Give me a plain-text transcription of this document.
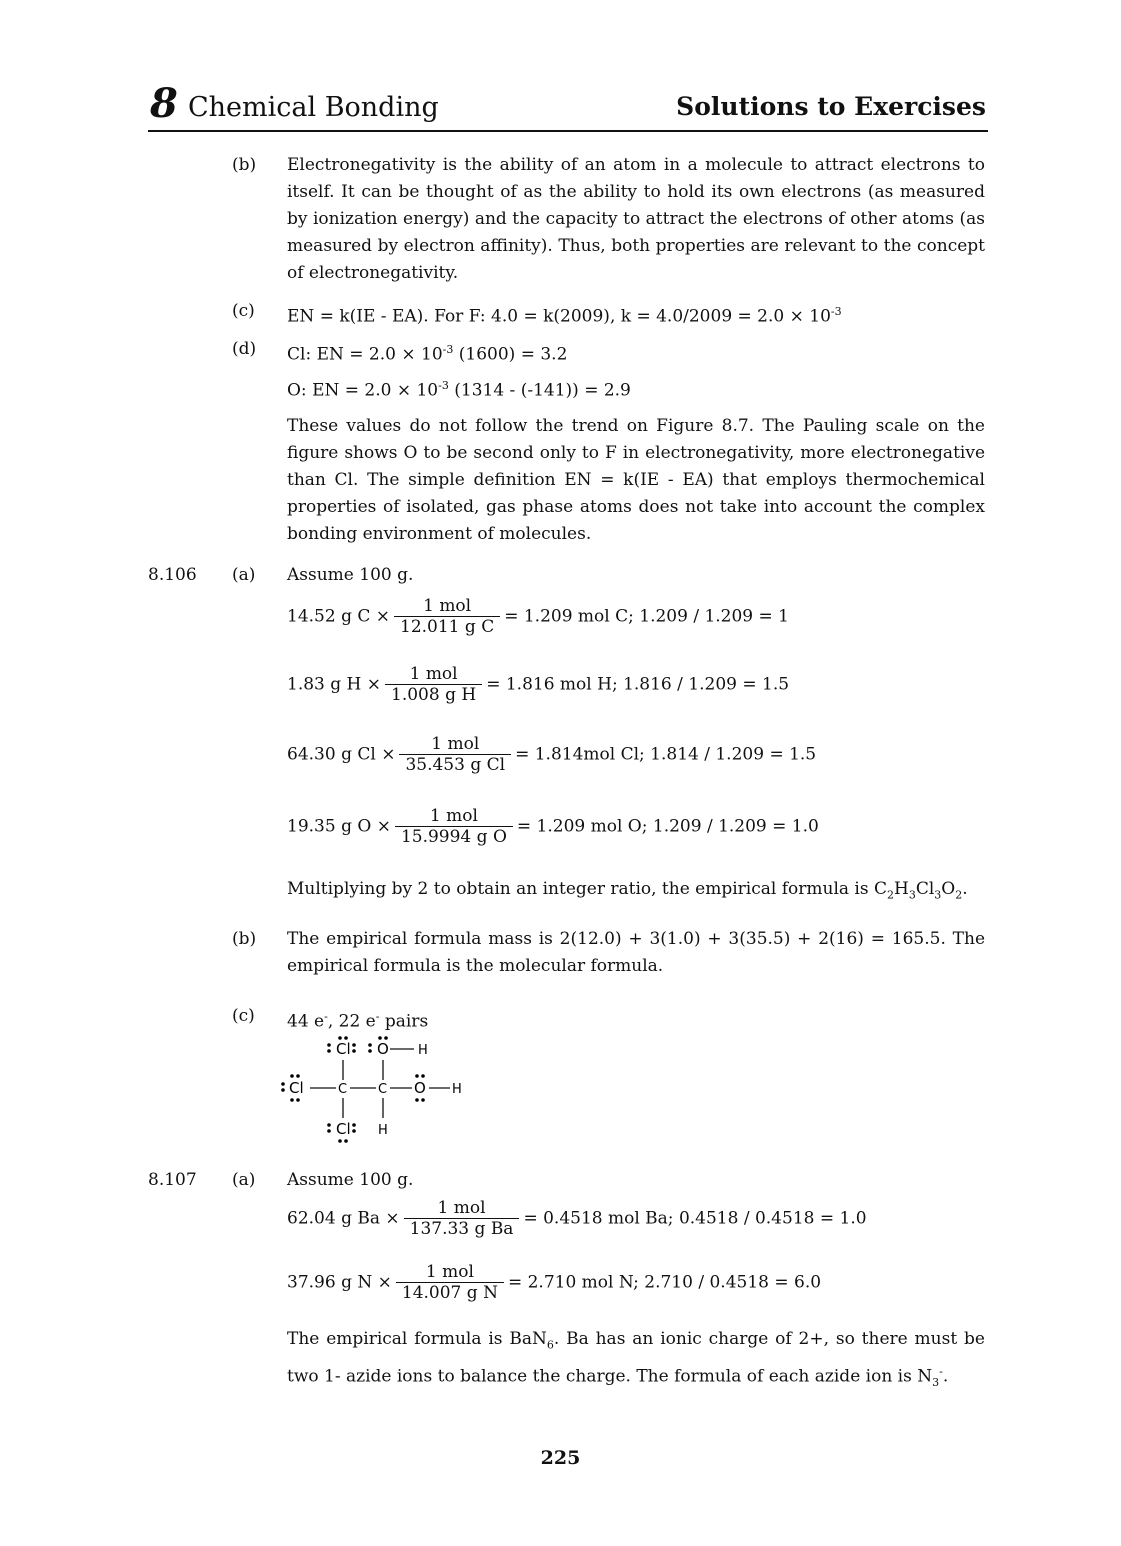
8 Chemical Bonding	Solutions to Exercises
(b) Electronegativity is the ability of an atom in a molecule to attract electrons to itself. It can be thought of as the ability to hold its own electrons (as measured by ionization energy) and the capacity to attract the electrons of other atoms (as measured by electron affinity). Thus, both properties are relevant to the concept of electronegativity.
(c) EN = k(IE - EA). For F: 4.0 = k(2009), $k = 4.0/2009 = 2.0 \times 10^{-3}$
(d) Cl: EN = $2.0 \times 10^{-3}$ (1600) = 3.2
O: EN = $2.0 \times 10^{-3}$ (1314 - (-141)) = 2.9
These values do not follow the trend on Figure 8.7. The Pauling scale on the figure shows O to be second only to F in electronegativity, more electronegative than Cl. The simple definition EN = k(IE - EA) that employs thermochemical properties of isolated, gas phase atoms does not take into account the complex bonding environment of molecules.
8.106 (a) Assume 100 g.
14.52 g $C \times \frac{\text{1 mol}}{\text{12.011 g C}} = 1.209$ mol C; 1.209 / 1.209 = 1
1.83 g $H \times \frac{\text{1 mol}}{\text{1.008 g H}} = 1.816$ mol H; 1.816 / 1.209 = 1.5
64.30 g $Cl \times \frac{\text{1 mol}}{\text{35.453 g Cl}} = 1.814mol$ Cl; 1.814 / 1.209 = 1.5
19.35 g $O \times \frac{\text{1 mol}}{\text{15.9994 g O}} = 1.209$ mol O; 1.209 / 1.209 = 1.0
Multiplying by 2 to obtain an integer ratio, the empirical formula is $C_2H_3Cl_3O_2$.
(b) The empirical formula mass is 2(12.0) + 3(1.0) + 3(35.5) + 2(16) = 165.5. The empirical formula is the molecular formula.
(c) 44 e-, 22 e- pairs
Cl O H
Cl	C C O H
Cl H
8.107 (a) Assume 100 g.
62.04 g $Ba \times \frac{\text{1 mol}}{\text{137.33 g Ba}} = 0.4518$ mol Ba; 0.4518 / 0.4518 = 1.0
37.96 g $N \times \frac{\text{1 mol}}{\text{14.007 g N}} = 2.710$ mol N; 2.710 / 0.4518 = 6.0
The empirical formula is BaN$_6$. Ba has an ionic charge of 2+, so there must be two 1- azide ions to balance the charge. The formula of each azide ion is $N_3^-$.
225
